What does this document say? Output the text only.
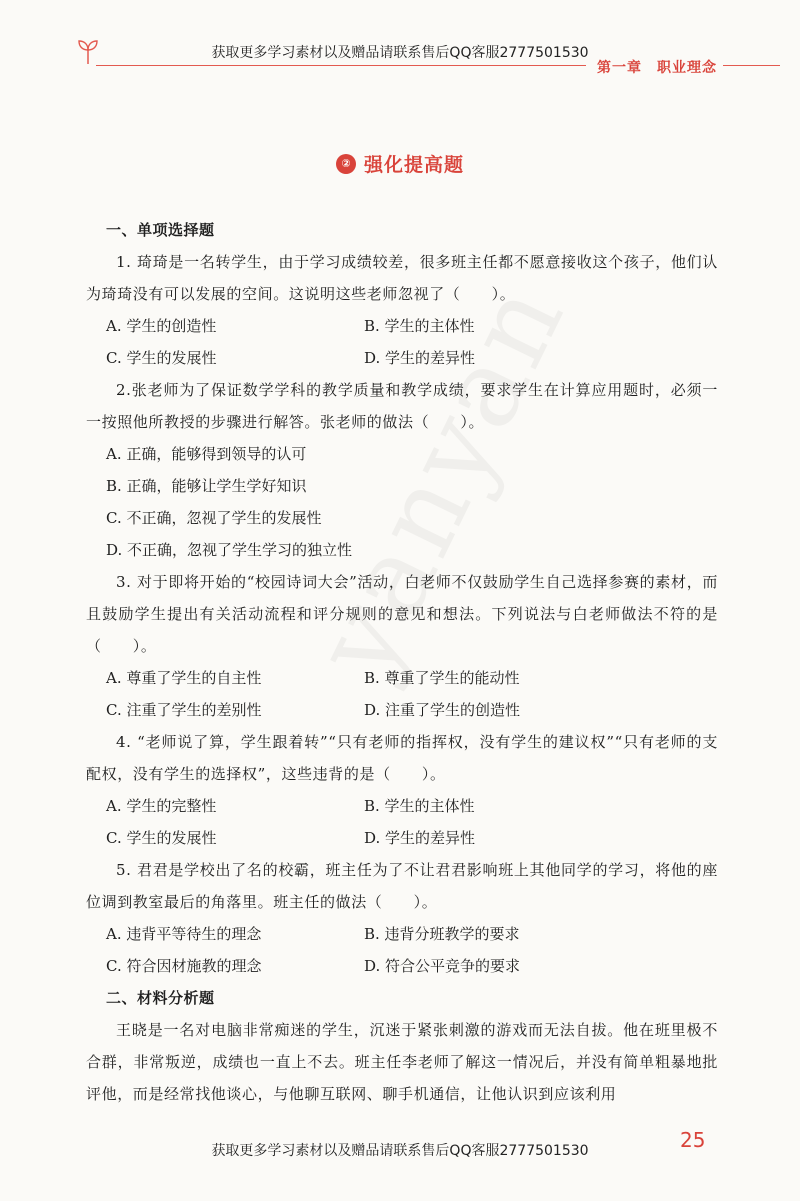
获取更多学习素材以及赠品请联系售后QQ客服2777501530
第一章　职业理念
② 强化提高题

一、单项选择题

1. 琦琦是一名转学生，由于学习成绩较差，很多班主任都不愿意接收这个孩子，他们认为琦琦没有可以发展的空间。这说明这些老师忽视了（　　）。

A. 学生的创造性	B. 学生的主体性
C. 学生的发展性	D. 学生的差异性

2.张老师为了保证数学学科的教学质量和教学成绩，要求学生在计算应用题时，必须一一按照他所教授的步骤进行解答。张老师的做法（　　）。

A. 正确，能够得到领导的认可

B. 正确，能够让学生学好知识

C. 不正确，忽视了学生的发展性

D. 不正确，忽视了学生学习的独立性

3. 对于即将开始的“校园诗词大会”活动，白老师不仅鼓励学生自己选择参赛的素材，而且鼓励学生提出有关活动流程和评分规则的意见和想法。下列说法与白老师做法不符的是（　　）。

A. 尊重了学生的自主性	B. 尊重了学生的能动性
C. 注重了学生的差别性	D. 注重了学生的创造性

4. “老师说了算，学生跟着转”“只有老师的指挥权，没有学生的建议权”“只有老师的支配权，没有学生的选择权”，这些违背的是（　　）。

A. 学生的完整性	B. 学生的主体性
C. 学生的发展性	D. 学生的差异性

5. 君君是学校出了名的校霸，班主任为了不让君君影响班上其他同学的学习，将他的座位调到教室最后的角落里。班主任的做法（　　）。

A. 违背平等待生的理念	B. 违背分班教学的要求
C. 符合因材施教的理念	D. 符合公平竞争的要求

二、材料分析题

王晓是一名对电脑非常痴迷的学生，沉迷于紧张刺激的游戏而无法自拔。他在班里极不合群，非常叛逆，成绩也一直上不去。班主任李老师了解这一情况后，并没有简单粗暴地批评他，而是经常找他谈心，与他聊互联网、聊手机通信，让他认识到应该利用

获取更多学习素材以及赠品请联系售后QQ客服2777501530	25
